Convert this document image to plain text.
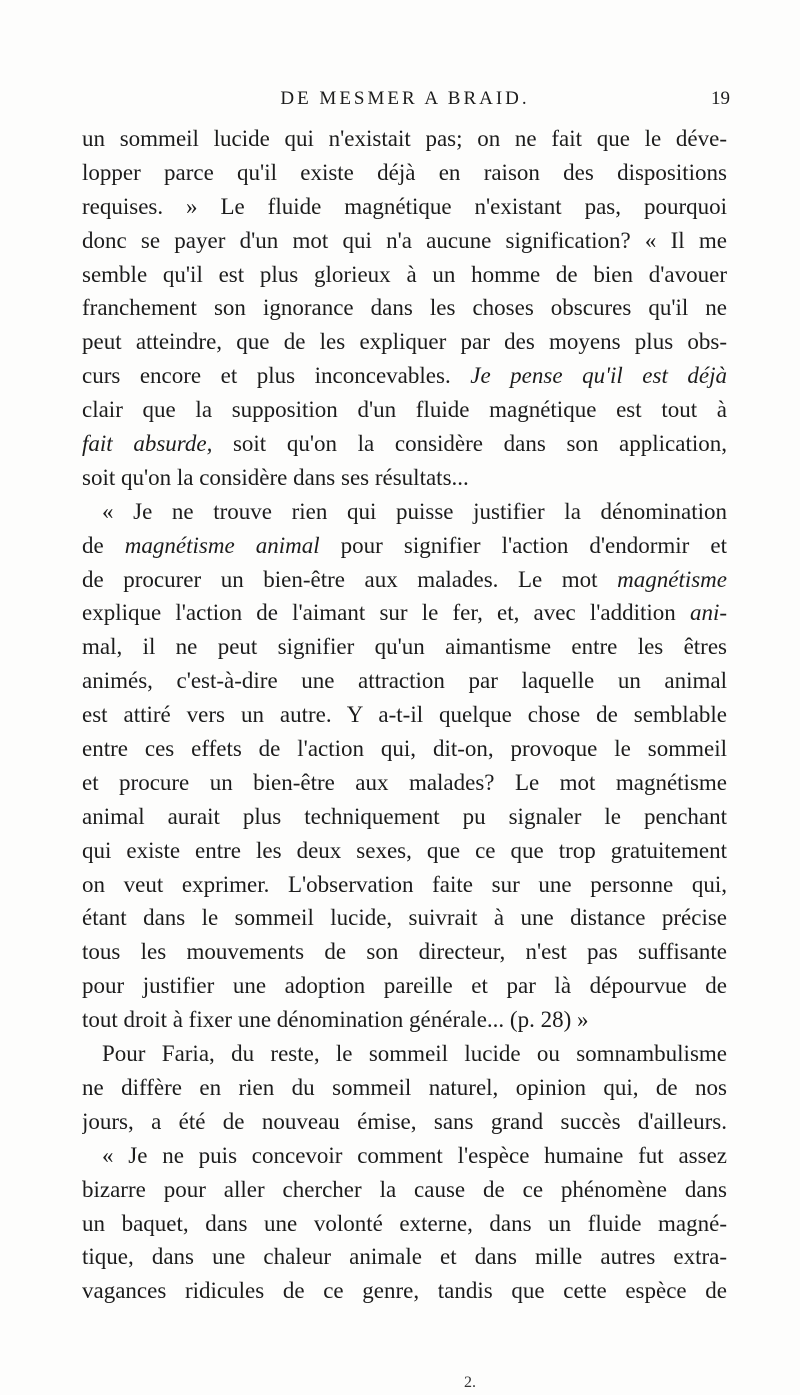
DE MESMER A BRAID.	19
un sommeil lucide qui n'existait pas; on ne fait que le déve-
lopper parce qu'il existe déjà en raison des dispositions
requises. » Le fluide magnétique n'existant pas, pourquoi
donc se payer d'un mot qui n'a aucune signification? « Il me
semble qu'il est plus glorieux à un homme de bien d'avouer
franchement son ignorance dans les choses obscures qu'il ne
peut atteindre, que de les expliquer par des moyens plus obs-
curs encore et plus inconcevables. Je pense qu'il est déjà
clair que la supposition d'un fluide magnétique est tout à
fait absurde, soit qu'on la considère dans son application,
soit qu'on la considère dans ses résultats...
« Je ne trouve rien qui puisse justifier la dénomination
de magnétisme animal pour signifier l'action d'endormir et
de procurer un bien-être aux malades. Le mot magnétisme
explique l'action de l'aimant sur le fer, et, avec l'addition ani-
mal, il ne peut signifier qu'un aimantisme entre les êtres
animés, c'est-à-dire une attraction par laquelle un animal
est attiré vers un autre. Y a-t-il quelque chose de semblable
entre ces effets de l'action qui, dit-on, provoque le sommeil
et procure un bien-être aux malades? Le mot magnétisme
animal aurait plus techniquement pu signaler le penchant
qui existe entre les deux sexes, que ce que trop gratuitement
on veut exprimer. L'observation faite sur une personne qui,
étant dans le sommeil lucide, suivrait à une distance précise
tous les mouvements de son directeur, n'est pas suffisante
pour justifier une adoption pareille et par là dépourvue de
tout droit à fixer une dénomination générale... (p. 28) »
Pour Faria, du reste, le sommeil lucide ou somnambulisme
ne diffère en rien du sommeil naturel, opinion qui, de nos
jours, a été de nouveau émise, sans grand succès d'ailleurs.
« Je ne puis concevoir comment l'espèce humaine fut assez
bizarre pour aller chercher la cause de ce phénomène dans
un baquet, dans une volonté externe, dans un fluide magné-
tique, dans une chaleur animale et dans mille autres extra-
vagances ridicules de ce genre, tandis que cette espèce de
2.
